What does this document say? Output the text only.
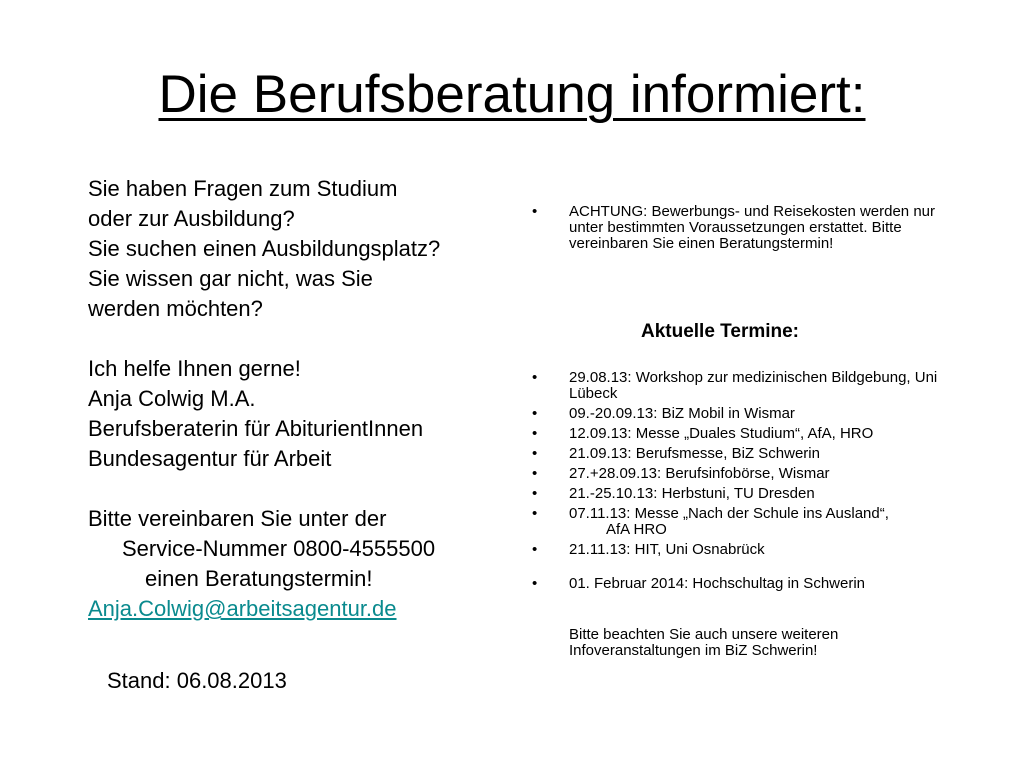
Die Berufsberatung informiert:
Sie haben Fragen zum Studium
oder zur Ausbildung?
Sie suchen einen Ausbildungsplatz?
Sie wissen gar nicht, was Sie
werden möchten?
Ich helfe Ihnen gerne!
Anja Colwig M.A.
Berufsberaterin für AbiturientInnen
Bundesagentur für Arbeit
Bitte vereinbaren Sie unter der
Service-Nummer 0800-4555500
einen Beratungstermin!
Anja.Colwig@arbeitsagentur.de
Stand: 06.08.2013
• ACHTUNG: Bewerbungs- und Reisekosten werden nur unter bestimmten Voraussetzungen erstattet. Bitte vereinbaren Sie einen Beratungstermin!
Aktuelle Termine:
• 29.08.13: Workshop zur medizinischen Bildgebung, Uni Lübeck
• 09.-20.09.13: BiZ Mobil in Wismar
• 12.09.13: Messe „Duales Studium“, AfA, HRO
• 21.09.13: Berufsmesse, BiZ Schwerin
• 27.+28.09.13: Berufsinfobörse, Wismar
• 21.-25.10.13: Herbstuni, TU Dresden
• 07.11.13: Messe „Nach der Schule ins Ausland“,
AfA HRO
• 21.11.13: HIT, Uni Osnabrück
• 01. Februar 2014: Hochschultag in Schwerin
Bitte beachten Sie auch unsere weiteren Infoveranstaltungen im BiZ Schwerin!
